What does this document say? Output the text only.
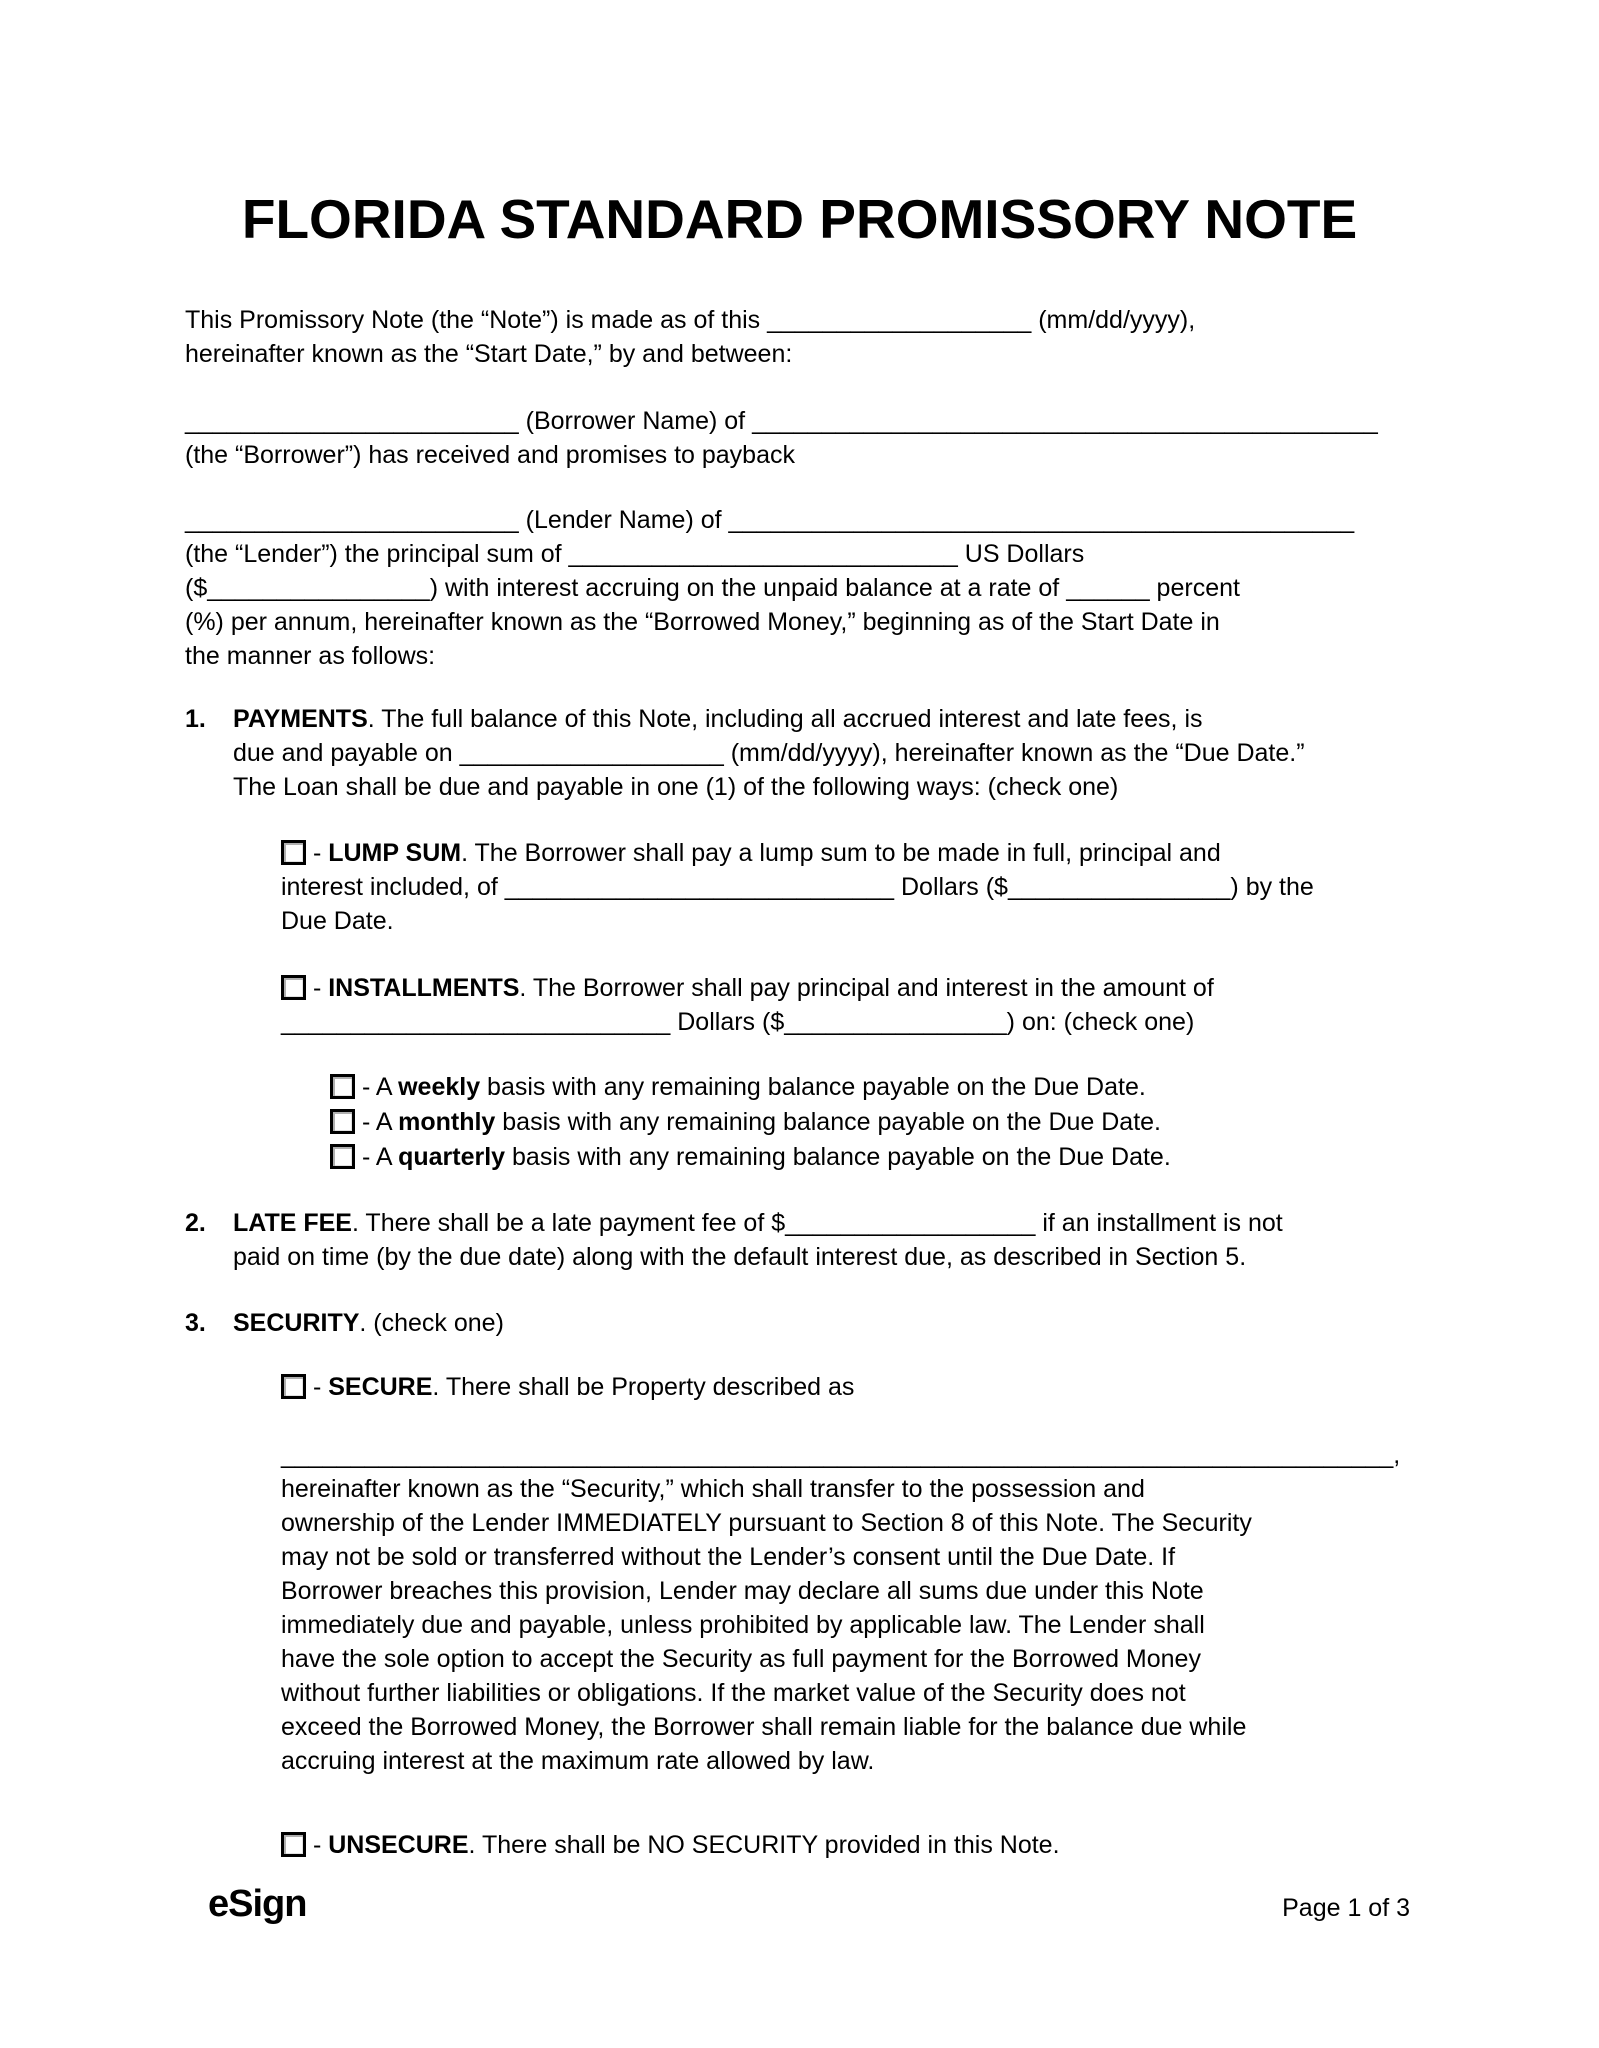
FLORIDA STANDARD PROMISSORY NOTE
This Promissory Note (the “Note”) is made as of this ___________________ (mm/dd/yyyy),
hereinafter known as the “Start Date,” by and between:
________________________ (Borrower Name) of _____________________________________________
(the “Borrower”) has received and promises to payback
________________________ (Lender Name) of _____________________________________________
(the “Lender”) the principal sum of ____________________________ US Dollars
($________________) with interest accruing on the unpaid balance at a rate of ______ percent
(%) per annum, hereinafter known as the “Borrowed Money,” beginning as of the Start Date in
the manner as follows:
1.	PAYMENTS. The full balance of this Note, including all accrued interest and late fees, is
due and payable on ___________________ (mm/dd/yyyy), hereinafter known as the “Due Date.”
The Loan shall be due and payable in one (1) of the following ways: (check one)
- LUMP SUM. The Borrower shall pay a lump sum to be made in full, principal and
interest included, of ____________________________ Dollars ($________________) by the
Due Date.
- INSTALLMENTS. The Borrower shall pay principal and interest in the amount of
____________________________ Dollars ($________________) on: (check one)
- A weekly basis with any remaining balance payable on the Due Date.
- A monthly basis with any remaining balance payable on the Due Date.
- A quarterly basis with any remaining balance payable on the Due Date.
2.	LATE FEE. There shall be a late payment fee of $__________________ if an installment is not
paid on time (by the due date) along with the default interest due, as described in Section 5.
3.	SECURITY. (check one)
- SECURE. There shall be Property described as

________________________________________________________________________________,
hereinafter known as the “Security,” which shall transfer to the possession and
ownership of the Lender IMMEDIATELY pursuant to Section 8 of this Note. The Security
may not be sold or transferred without the Lender’s consent until the Due Date. If
Borrower breaches this provision, Lender may declare all sums due under this Note
immediately due and payable, unless prohibited by applicable law. The Lender shall
have the sole option to accept the Security as full payment for the Borrowed Money
without further liabilities or obligations. If the market value of the Security does not
exceed the Borrowed Money, the Borrower shall remain liable for the balance due while
accruing interest at the maximum rate allowed by law.
- UNSECURE. There shall be NO SECURITY provided in this Note.
eSign	Page 1 of 3
